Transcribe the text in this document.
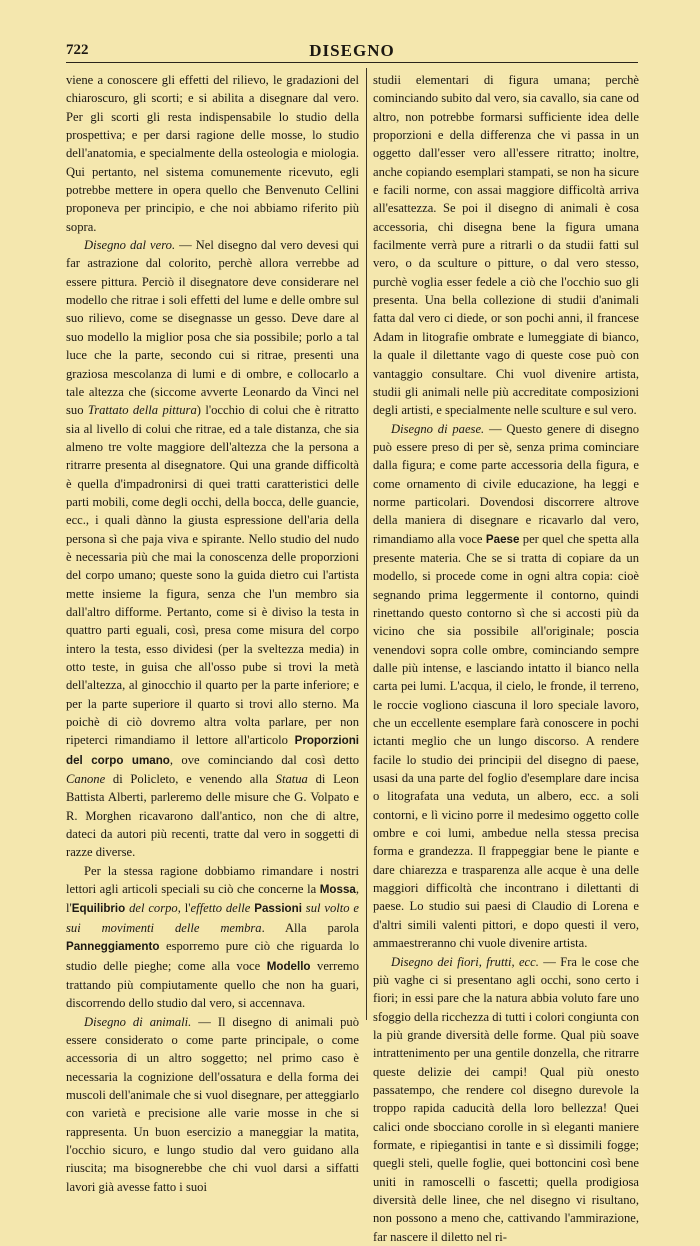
722	DISEGNO

viene a conoscere gli effetti del rilievo, le gradazioni del chiaroscuro, gli scorti; e si abilita a disegnare dal vero. Per gli scorti gli resta indispensabile lo studio della prospettiva; e per darsi ragione delle mosse, lo studio dell'anatomia, e specialmente della osteologia e miologia. Qui pertanto, nel sistema comunemente ricevuto, egli potrebbe mettere in opera quello che Benvenuto Cellini proponeva per principio, e che noi abbiamo riferito più sopra.

Disegno dal vero. — Nel disegno dal vero devesi qui far astrazione dal colorito, perchè allora verrebbe ad essere pittura. Perciò il disegnatore deve considerare nel modello che ritrae i soli effetti del lume e delle ombre sul suo rilievo, come se disegnasse un gesso. Deve dare al suo modello la miglior posa che sia possibile; porlo a tal luce che la parte, secondo cui si ritrae, presenti una graziosa mescolanza di lumi e di ombre, e collocarlo a tale altezza che (siccome avverte Leonardo da Vinci nel suo Trattato della pittura) l'occhio di colui che è ritratto sia al livello di colui che ritrae, ed a tale distanza, che sia almeno tre volte maggiore dell'altezza che la persona a ritrarre presenta al disegnatore. Qui una grande difficoltà è quella d'impadronirsi di quei tratti caratteristici delle parti mobili, come degli occhi, della bocca, delle guancie, ecc., i quali dànno la giusta espressione dell'aria della persona sì che paja viva e spirante. Nello studio del nudo è necessaria più che mai la conoscenza delle proporzioni del corpo umano; queste sono la guida dietro cui l'artista mette insieme la figura, senza che l'un membro sia dall'altro difforme. Pertanto, come si è diviso la testa in quattro parti eguali, così, presa come misura del corpo intero la testa, esso dividesi (per la sveltezza media) in otto teste, in guisa che all'osso pube si trovi la metà dell'altezza, al ginocchio il quarto per la parte inferiore; e per la parte superiore il quarto si trovi allo sterno. Ma poichè di ciò dovremo altra volta parlare, per non ripeterci rimandiamo il lettore all'articolo Proporzioni del corpo umano, ove cominciando dal così detto Canone di Policleto, e venendo alla Statua di Leon Battista Alberti, parleremo delle misure che G. Volpato e R. Morghen ricavarono dall'antico, non che di altre, dateci da autori più recenti, tratte dal vero in soggetti di razze diverse.

Per la stessa ragione dobbiamo rimandare i nostri lettori agli articoli speciali su ciò che concerne la Mossa, l'Equilibrio del corpo, l'effetto delle Passioni sul volto e sui movimenti delle membra. Alla parola Panneggiamento esporremo pure ciò che riguarda lo studio delle pieghe; come alla voce Modello verremo trattando più compiutamente quello che non ha guari, discorrendo dello studio dal vero, si accennava.

Disegno di animali. — Il disegno di animali può essere considerato o come parte principale, o come accessoria di un altro soggetto; nel primo caso è necessaria la cognizione dell'ossatura e della forma dei muscoli dell'animale che si vuol disegnare, per atteggiarlo con varietà e precisione alle varie mosse in che si rappresenta. Un buon esercizio a maneggiar la matita, l'occhio sicuro, e lungo studio dal vero guidano alla riuscita; ma bisognerebbe che chi vuol darsi a siffatti lavori già avesse fatto i suoi

studii elementari di figura umana; perchè cominciando subito dal vero, sia cavallo, sia cane od altro, non potrebbe formarsi sufficiente idea delle proporzioni e della differenza che vi passa in un oggetto dall'esser vero all'essere ritratto; inoltre, anche copiando esemplari stampati, se non ha sicure e facili norme, con assai maggiore difficoltà arriva all'esattezza. Se poi il disegno di animali è cosa accessoria, chi disegna bene la figura umana facilmente verrà pure a ritrarli o da studii fatti sul vero, o da sculture o pitture, o dal vero stesso, purchè voglia esser fedele a ciò che l'occhio suo gli presenta. Una bella collezione di studii d'animali fatta dal vero ci diede, or son pochi anni, il francese Adam in litografie ombrate e lumeggiate di bianco, la quale il dilettante vago di queste cose può con vantaggio consultare. Chi vuol divenire artista, studii gli animali nelle più accreditate composizioni degli artisti, e specialmente nelle sculture e sul vero.

Disegno di paese. — Questo genere di disegno può essere preso di per sè, senza prima cominciare dalla figura; e come parte accessoria della figura, e come ornamento di civile educazione, ha leggi e norme particolari. Dovendosi discorrere altrove della maniera di disegnare e ricavarlo dal vero, rimandiamo alla voce Paese per quel che spetta alla presente materia. Che se si tratta di copiare da un modello, si procede come in ogni altra copia: cioè segnando prima leggermente il contorno, quindi rinettando questo contorno sì che si accosti più da vicino che sia possibile all'originale; poscia venendovi sopra colle ombre, cominciando sempre dalle più intense, e lasciando intatto il bianco nella carta pei lumi. L'acqua, il cielo, le fronde, il terreno, le roccie vogliono ciascuna il loro speciale lavoro, che un eccellente esemplare farà conoscere in pochi ictanti meglio che un lungo discorso. A rendere facile lo studio dei principii del disegno di paese, usasi da una parte del foglio d'esemplare dare incisa o litografata una veduta, un albero, ecc. a soli contorni, e lì vicino porre il medesimo oggetto colle ombre e coi lumi, ambedue nella stessa precisa forma e grandezza. Il frappeggiar bene le piante e dare chiarezza e trasparenza alle acque è una delle maggiori difficoltà che incontrano i dilettanti di paese. Lo studio sui paesi di Claudio di Lorena e d'altri simili valenti pittori, e dopo questi il vero, ammaestreranno chi vuole divenire artista.

Disegno dei fiori, frutti, ecc. — Fra le cose che più vaghe ci si presentano agli occhi, sono certo i fiori; in essi pare che la natura abbia voluto fare uno sfoggio della ricchezza di tutti i colori congiunta con la più grande diversità delle forme. Qual più soave intrattenimento per una gentile donzella, che ritrarre queste delizie dei campi! Qual più onesto passatempo, che rendere col disegno durevole la troppo rapida caducità della loro bellezza! Quei calici onde sbocciano corolle in sì eleganti maniere formate, e ripiegantisi in tante e sì dissimili fogge; quegli steli, quelle foglie, quei bottoncini così bene uniti in ramoscelli o fascetti; quella prodigiosa diversità delle linee, che nel disegno vi risultano, non possono a meno che, cattivando l'ammirazione, far nascere il diletto nel ri-
